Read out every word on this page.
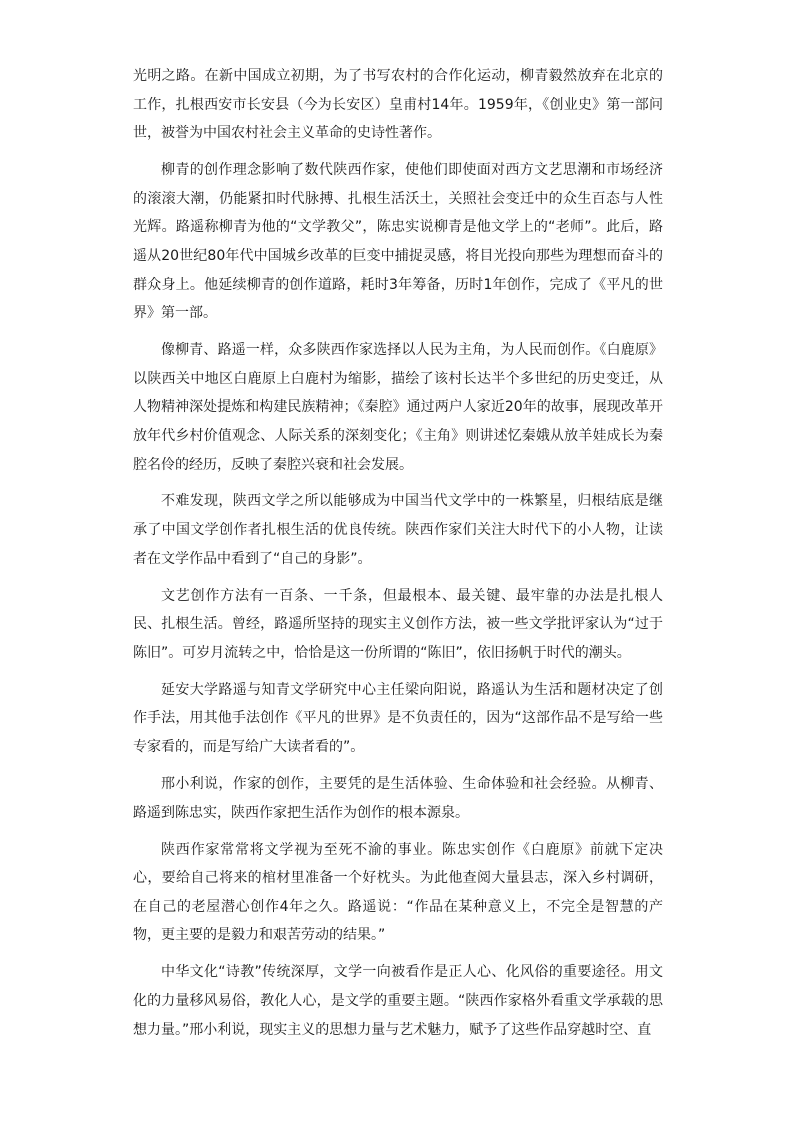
光明之路。在新中国成立初期，为了书写农村的合作化运动，柳青毅然放弃在北京的工作，扎根西安市长安县（今为长安区）皇甫村14年。1959年，《创业史》第一部问世，被誉为中国农村社会主义革命的史诗性著作。

柳青的创作理念影响了数代陕西作家，使他们即使面对西方文艺思潮和市场经济的滚滚大潮，仍能紧扣时代脉搏、扎根生活沃土，关照社会变迁中的众生百态与人性光辉。路遥称柳青为他的“文学教父”，陈忠实说柳青是他文学上的“老师”。此后，路遥从20世纪80年代中国城乡改革的巨变中捕捉灵感，将目光投向那些为理想而奋斗的群众身上。他延续柳青的创作道路，耗时3年筹备，历时1年创作，完成了《平凡的世界》第一部。

像柳青、路遥一样，众多陕西作家选择以人民为主角，为人民而创作。《白鹿原》以陕西关中地区白鹿原上白鹿村为缩影，描绘了该村长达半个多世纪的历史变迁，从人物精神深处提炼和构建民族精神；《秦腔》通过两户人家近20年的故事，展现改革开放年代乡村价值观念、人际关系的深刻变化；《主角》则讲述忆秦娥从放羊娃成长为秦腔名伶的经历，反映了秦腔兴衰和社会发展。

不难发现，陕西文学之所以能够成为中国当代文学中的一株繁星，归根结底是继承了中国文学创作者扎根生活的优良传统。陕西作家们关注大时代下的小人物，让读者在文学作品中看到了“自己的身影”。

文艺创作方法有一百条、一千条，但最根本、最关键、最牢靠的办法是扎根人民、扎根生活。曾经，路遥所坚持的现实主义创作方法，被一些文学批评家认为“过于陈旧”。可岁月流转之中，恰恰是这一份所谓的“陈旧”，依旧扬帆于时代的潮头。

延安大学路遥与知青文学研究中心主任梁向阳说，路遥认为生活和题材决定了创作手法，用其他手法创作《平凡的世界》是不负责任的，因为“这部作品不是写给一些专家看的，而是写给广大读者看的”。

邢小利说，作家的创作，主要凭的是生活体验、生命体验和社会经验。从柳青、路遥到陈忠实，陕西作家把生活作为创作的根本源泉。

陕西作家常常将文学视为至死不渝的事业。陈忠实创作《白鹿原》前就下定决心，要给自己将来的棺材里准备一个好枕头。为此他查阅大量县志，深入乡村调研，在自己的老屋潜心创作4年之久。路遥说：“作品在某种意义上，不完全是智慧的产物，更主要的是毅力和艰苦劳动的结果。”

中华文化“诗教”传统深厚，文学一向被看作是正人心、化风俗的重要途径。用文化的力量移风易俗，教化人心，是文学的重要主题。“陕西作家格外看重文学承载的思想力量。”邢小利说，现实主义的思想力量与艺术魅力，赋予了这些作品穿越时空、直
